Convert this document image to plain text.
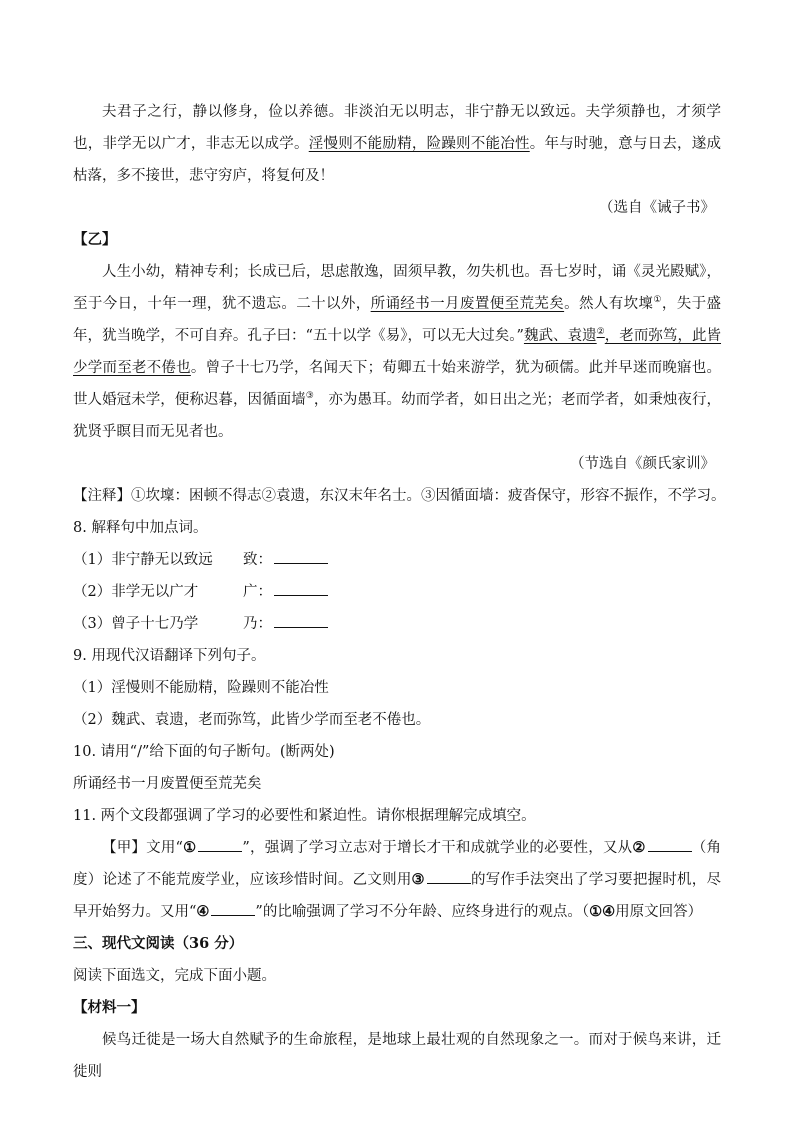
夫君子之行，静以修身，俭以养德。非淡泊无以明志，非宁静无以致远。夫学须静也，才须学也，非学无以广才，非志无以成学。淫慢则不能励精，险躁则不能冶性。年与时驰，意与日去，遂成枯落，多不接世，悲守穷庐，将复何及！

（选自《诫子书》
【乙】

人生小幼，精神专利；长成已后，思虑散逸，固须早教，勿失机也。吾七岁时，诵《灵光殿赋》，至于今日，十年一理，犹不遗忘。二十以外，所诵经书一月废置便至荒芜矣。然人有坎壈①，失于盛年，犹当晚学，不可自弃。孔子曰：“五十以学《易》，可以无大过矣。”魏武、袁遗②，老而弥笃，此皆少学而至老不倦也。曾子十七乃学，名闻天下；荀卿五十始来游学，犹为硕儒。此并早迷而晚寤也。世人婚冠未学，便称迟暮，因循面墙③，亦为愚耳。幼而学者，如日出之光；老而学者，如秉烛夜行，犹贤乎瞑目而无见者也。

（节选自《颜氏家训》
【注释】①坎壈：困顿不得志②袁遗，东汉末年名士。③因循面墙：疲沓保守，形容不振作，不学习。
8. 解释句中加点词。
（1）非宁静无以致远 致：
（2）非学无以广才	广：
（3）曾子十七乃学	乃：
9. 用现代汉语翻译下列句子。
（1）淫慢则不能励精，险躁则不能冶性
（2）魏武、袁遗，老而弥笃，此皆少学而至老不倦也。
10. 请用“/”给下面的句子断句。(断两处)
所诵经书一月废置便至荒芜矣
11. 两个文段都强调了学习的必要性和紧迫性。请你根据理解完成填空。

【甲】文用“①	”，强调了学习立志对于增长才干和成就学业的必要性，又从②	（角度）论述了不能荒废学业，应该珍惜时间。乙文则用③	的写作手法突出了学习要把握时机，尽早开始努力。又用“④	”的比喻强调了学习不分年龄、应终身进行的观点。（①④用原文回答）

三、现代文阅读（36 分）
阅读下面选文，完成下面小题。
【材料一】

候鸟迁徙是一场大自然赋予的生命旅程，是地球上最壮观的自然现象之一。而对于候鸟来讲，迁徙则
